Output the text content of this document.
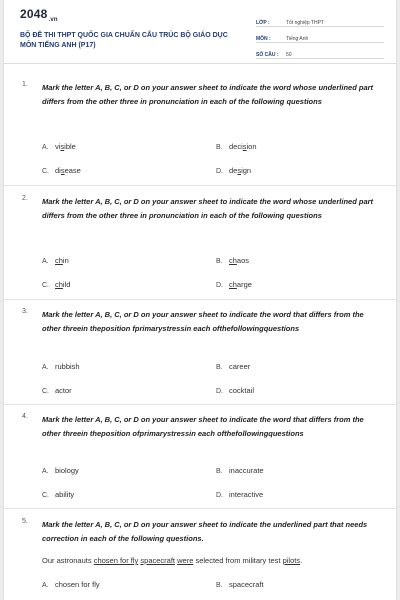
$2048_{.vn}$
BỘ ĐỀ THI THPT QUỐC GIA CHUẨN CẤU TRÚC BỘ GIÁO DỤC MÔN TIẾNG ANH (P17)
LỚP :	Tốt nghiệp THPT
MÔN :	Tiếng Anh
SỐ CÂU :	50
1. Mark the letter A, B, C, or D on your answer sheet to indicate the word whose underlined part differs from the other three in pronunciation in each of the following questions
A. visible	B. decision
C. disease	D. design
2. Mark the letter A, B, C, or D on your answer sheet to indicate the word whose underlined part differs from the other three in pronunciation in each of the following questions
A. chin	B. chaos
C. child	D. charge
3. Mark the letter A, B, C, or D on your answer sheet to indicate the word that differs from the other threein theposition fprimarystressin each ofthefollowingquestions
A. rubbish	B. career
C. actor	D. cocktail
4. Mark the letter A, B, C, or D on your answer sheet to indicate the word that differs from the other threein theposition ofprimarystressin each ofthefollowingquestions
A. biology	B. inaccurate
C. ability	D. interactive
5. Mark the letter A, B, C, or D on your answer sheet to indicate the underlined part that needs correction in each of the following questions.
Our astronauts chosen for fly spacecraft were selected from military test pilots.
A. chosen for fly	B. spacecraft
